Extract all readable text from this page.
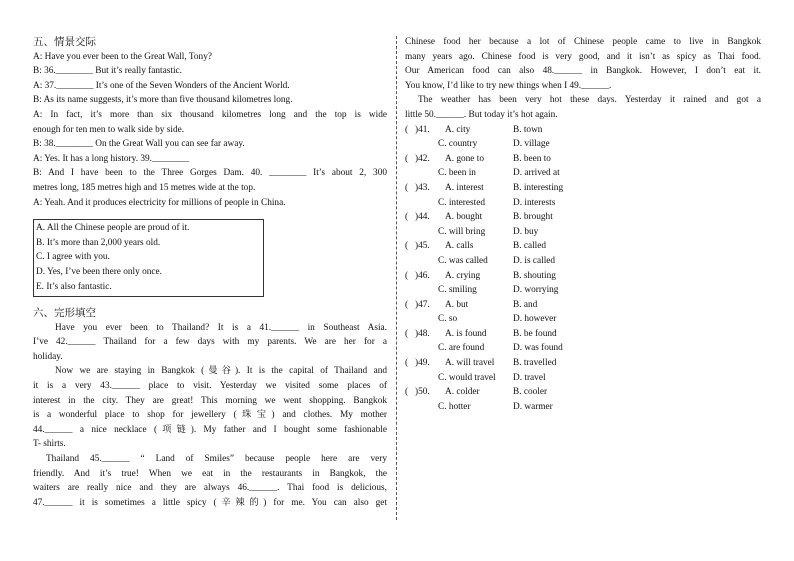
五、情景交际
A: Have you ever been to the Great Wall, Tony?
B: 36.________ But it’s really fantastic.
A: 37.________ It’s one of the Seven Wonders of the Ancient World.
B: As its name suggests, it’s more than five thousand kilometres long.
A: In fact, it’s more than six thousand kilometres long and the top is wide
enough for ten men to walk side by side.
B: 38.________ On the Great Wall you can see far away.
A: Yes. It has a long history. 39.________
B: And I have been to the Three Gorges Dam. 40. ________ It’s about 2, 300
metres long, 185 metres high and 15 metres wide at the top.
A: Yeah. And it produces electricity for millions of people in China.
A. All the Chinese people are proud of it.
B. It’s more than 2,000 years old.
C. I agree with you.
D. Yes, I’ve been there only once.
E. It’s also fantastic.
六、完形填空
Have you ever been to Thailand? It is a 41.______ in Southeast Asia.
I’ve 42.______ Thailand for a few days with my parents. We are her for a
holiday.
Now we are staying in Bangkok (曼谷). It is the capital of Thailand and
it is a very 43.______ place to visit. Yesterday we visited some places of
interest in the city. They are great! This morning we went shopping. Bangkok
is a wonderful place to shop for jewellery (珠宝) and clothes. My mother
44.______ a nice necklace (项链). My father and I bought some fashionable
T- shirts.
Thailand 45.______ “ Land of Smiles” because people here are very
friendly. And it’s true! When we eat in the restaurants in Bangkok, the
waiters are really nice and they are always 46.______. Thai food is delicious,
47.______ it is sometimes a little spicy (辛辣的) for me. You can also get
Chinese food her because a lot of Chinese people came to live in Bangkok
many years ago. Chinese food is very good, and it isn’t as spicy as Thai food.
Our American food can also 48.______ in Bangkok. However, I don’t eat it.
You know, I’d like to try new things when I 49.______.
The weather has been very hot these days. Yesterday it rained and got a
little 50.______. But today it’s hot again.
( )41.	A. city	B. town
C. country	D. village
( )42.	A. gone to	B. been to
C. been in	D. arrived at
( )43.	A. interest	B. interesting
C. interested	D. interests
( )44.	A. bought	B. brought
C. will bring	D. buy
( )45.	A. calls	B. called
C. was called	D. is called
( )46.	A. crying	B. shouting
C. smiling	D. worrying
( )47.	A. but	B. and
C. so	D. however
( )48.	A. is found	B. be found
C. are found	D. was found
( )49.	A. will travel	B. travelled
C. would travel	D. travel
( )50.	A. colder	B. cooler
C. hotter	D. warmer
